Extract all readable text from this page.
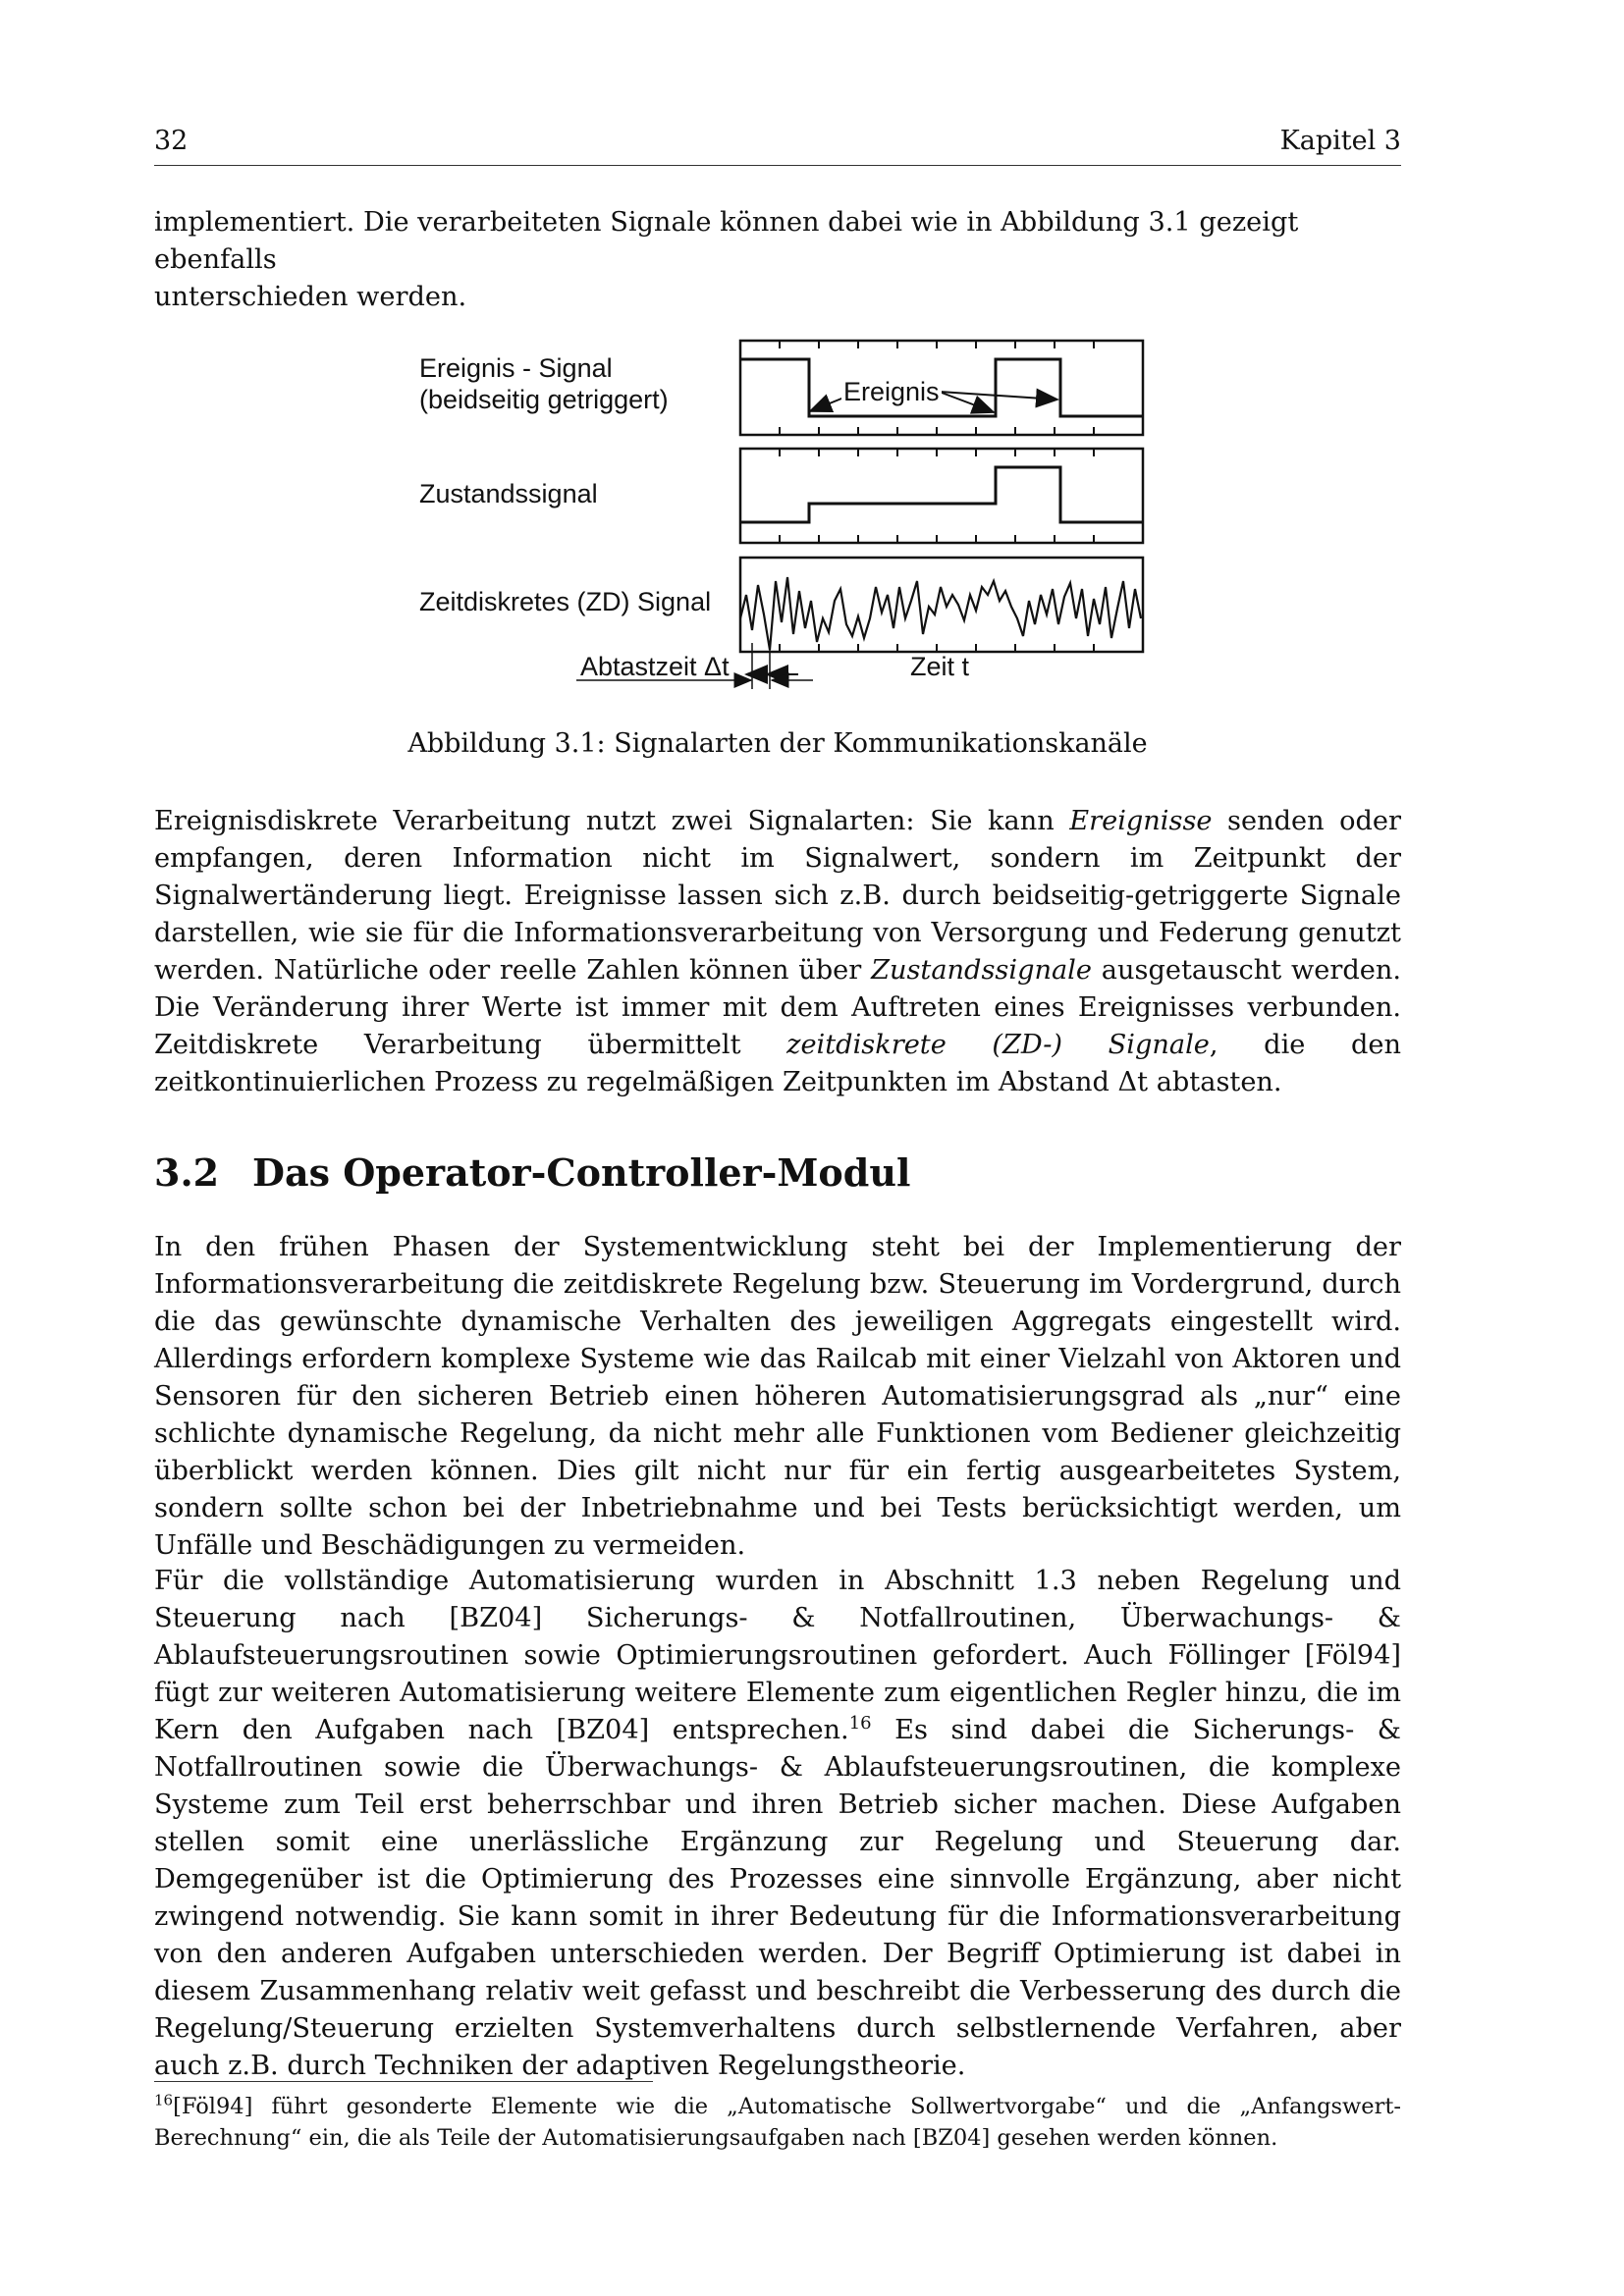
32	Kapitel 3

implementiert. Die verarbeiteten Signale können dabei wie in Abbildung 3.1 gezeigt ebenfalls
unterschieden werden.

Ereignis - Signal
(beidseitig getriggert)	Ereignis
Zustandssignal
Zeitdiskretes (ZD) Signal
Abtastzeit Δt	Zeit t
Abbildung 3.1: Signalarten der Kommunikationskanäle

Ereignisdiskrete Verarbeitung nutzt zwei Signalarten: Sie kann Ereignisse senden oder empfangen, deren Information nicht im Signalwert, sondern im Zeitpunkt der Signalwertänderung liegt. Ereignisse lassen sich z.B. durch beidseitig-getriggerte Signale darstellen, wie sie für die Informationsverarbeitung von Versorgung und Federung genutzt werden. Natürliche oder reelle Zahlen können über Zustandssignale ausgetauscht werden. Die Veränderung ihrer Werte ist immer mit dem Auftreten eines Ereignisses verbunden. Zeitdiskrete Verarbeitung übermittelt zeitdiskrete (ZD-) Signale, die den zeitkontinuierlichen Prozess zu regelmäßigen Zeitpunkten im Abstand Δt abtasten.

3.2 Das Operator-Controller-Modul

In den frühen Phasen der Systementwicklung steht bei der Implementierung der Informationsverarbeitung die zeitdiskrete Regelung bzw. Steuerung im Vordergrund, durch die das gewünschte dynamische Verhalten des jeweiligen Aggregats eingestellt wird. Allerdings erfordern komplexe Systeme wie das Railcab mit einer Vielzahl von Aktoren und Sensoren für den sicheren Betrieb einen höheren Automatisierungsgrad als „nur“ eine schlichte dynamische Regelung, da nicht mehr alle Funktionen vom Bediener gleichzeitig überblickt werden können. Dies gilt nicht nur für ein fertig ausgearbeitetes System, sondern sollte schon bei der Inbetriebnahme und bei Tests berücksichtigt werden, um Unfälle und Beschädigungen zu vermeiden.

Für die vollständige Automatisierung wurden in Abschnitt 1.3 neben Regelung und Steuerung nach [BZ04] Sicherungs- & Notfallroutinen, Überwachungs- & Ablaufsteuerungsroutinen sowie Optimierungsroutinen gefordert. Auch Föllinger [Föl94] fügt zur weiteren Automatisierung weitere Elemente zum eigentlichen Regler hinzu, die im Kern den Aufgaben nach [BZ04] entsprechen.$^{16}$ Es sind dabei die Sicherungs- & Notfallroutinen sowie die Überwachungs- & Ablaufsteuerungsroutinen, die komplexe Systeme zum Teil erst beherrschbar und ihren Betrieb sicher machen. Diese Aufgaben stellen somit eine unerlässliche Ergänzung zur Regelung und Steuerung dar. Demgegenüber ist die Optimierung des Prozesses eine sinnvolle Ergänzung, aber nicht zwingend notwendig. Sie kann somit in ihrer Bedeutung für die Informationsverarbeitung von den anderen Aufgaben unterschieden werden. Der Begriff Optimierung ist dabei in diesem Zusammenhang relativ weit gefasst und beschreibt die Verbesserung des durch die Regelung/Steuerung erzielten Systemverhaltens durch selbstlernende Verfahren, aber auch z.B. durch Techniken der adaptiven Regelungstheorie.

$^{16}$[Föl94] führt gesonderte Elemente wie die „Automatische Sollwertvorgabe“ und die „Anfangswert-Berechnung“ ein, die als Teile der Automatisierungsaufgaben nach [BZ04] gesehen werden können.
